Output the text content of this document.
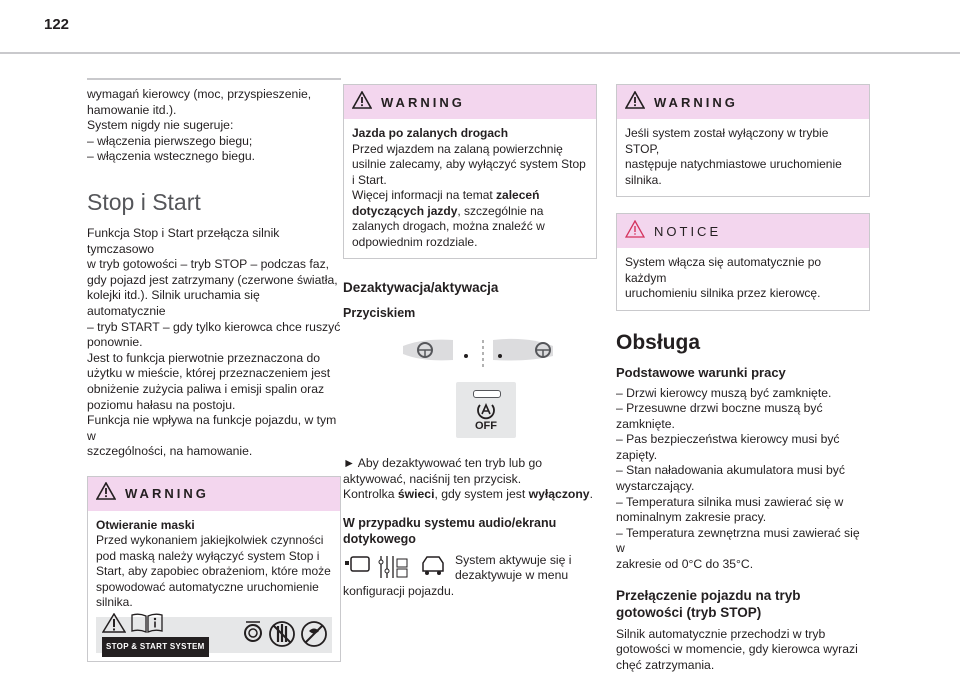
122

wymagań kierowcy (moc, przyspieszenie,

hamowanie itd.).

System nigdy nie sugeruje:

– włączenia pierwszego biegu;

– włączenia wstecznego biegu.

Stop i Start

Funkcja Stop i Start przełącza silnik tymczasowo

w tryb gotowości – tryb STOP – podczas faz,

gdy pojazd jest zatrzymany (czerwone światła,

kolejki itd.). Silnik uruchamia się automatycznie

– tryb START – gdy tylko kierowca chce ruszyć

ponownie.

Jest to funkcja pierwotnie przeznaczona do

użytku w mieście, której przeznaczeniem jest

obniżenie zużycia paliwa i emisji spalin oraz

poziomu hałasu na postoju.

Funkcja nie wpływa na funkcje pojazdu, w tym w

szczególności, na hamowanie.

WARNING

Otwieranie maski

Przed wykonaniem jakiejkolwiek czynności

pod maską należy wyłączyć system Stop i

Start, aby zapobiec obrażeniom, które może

spowodować automatyczne uruchomienie

silnika.

STOP & START SYSTEM
WARNING

Jazda po zalanych drogach

Przed wjazdem na zalaną powierzchnię

usilnie zalecamy, aby wyłączyć system Stop

i Start.

Więcej informacji na temat zaleceń dotyczących jazdy, szczególnie na zalanych drogach, można znaleźć w odpowiednim rozdziale.

Dezaktywacja/aktywacja
Przyciskiem
OFF

► Aby dezaktywować ten tryb lub go

aktywować, naciśnij ten przycisk.

Kontrolka świeci, gdy system jest wyłączony.

W przypadku systemu audio/ekranu dotykowego
System aktywuje się i dezaktywuje w menu
konfiguracji pojazdu.
WARNING

Jeśli system został wyłączony w trybie STOP,

następuje natychmiastowe uruchomienie

silnika.

NOTICE

System włącza się automatycznie po każdym

uruchomieniu silnika przez kierowcę.

Obsługa
Podstawowe warunki pracy

– Drzwi kierowcy muszą być zamknięte.

– Przesuwne drzwi boczne muszą być

zamknięte.

– Pas bezpieczeństwa kierowcy musi być

zapięty.

– Stan naładowania akumulatora musi być

wystarczający.

– Temperatura silnika musi zawierać się w

nominalnym zakresie pracy.

– Temperatura zewnętrzna musi zawierać się w

zakresie od 0°C do 35°C.

Przełączenie pojazdu na tryb gotowości (tryb STOP)

Silnik automatycznie przechodzi w tryb

gotowości w momencie, gdy kierowca wyrazi

chęć zatrzymania.
